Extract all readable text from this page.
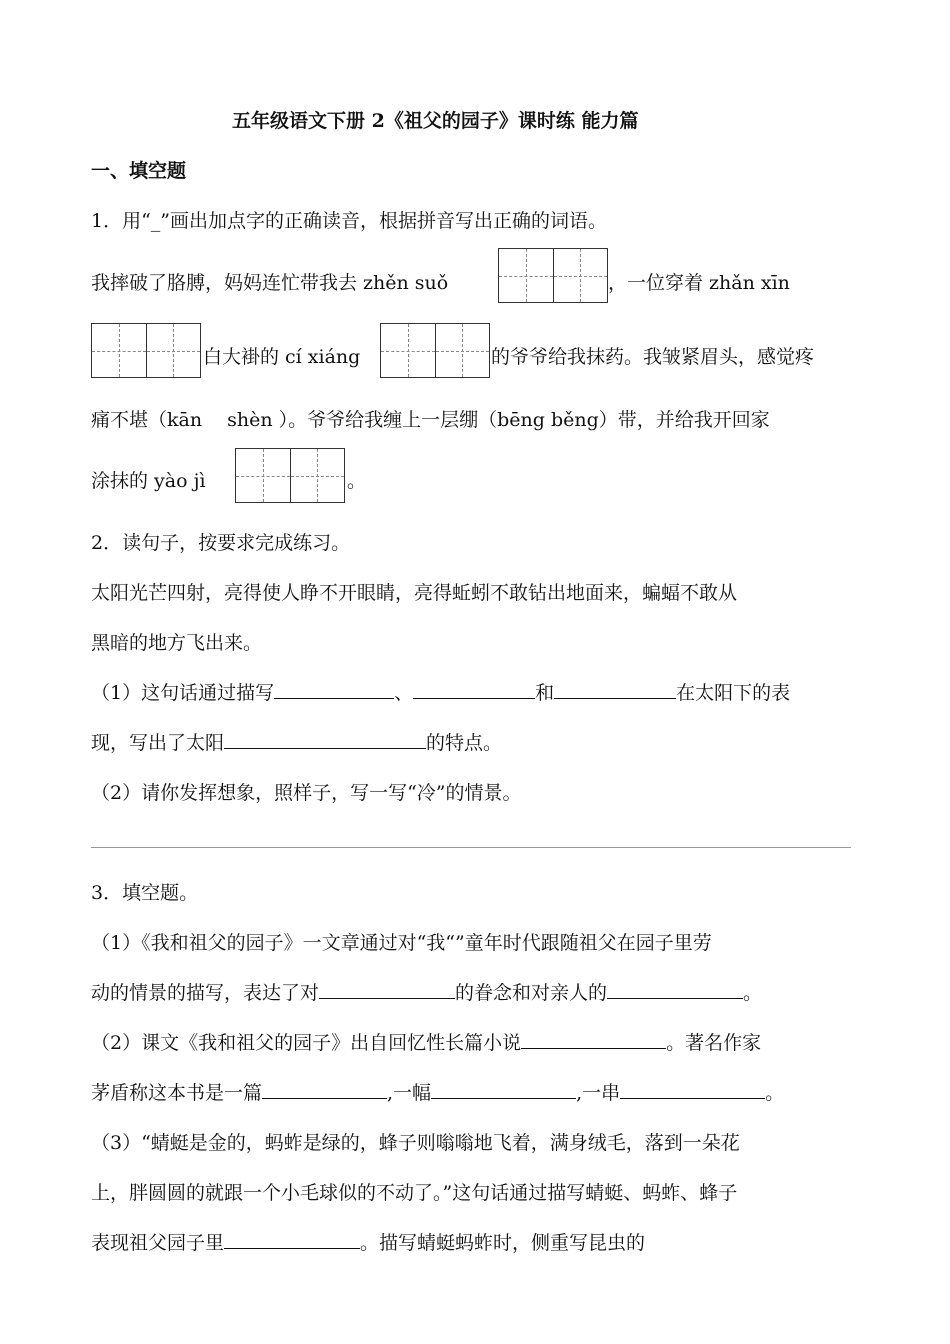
五年级语文下册 2《祖父的园子》课时练 能力篇
一、填空题
1．用“_”画出加点字的正确读音，根据拼音写出正确的词语。
我摔破了胳膊，妈妈连忙带我去 zhěn suǒ	，一位穿着 zhǎn xīn
白大褂的 cí xiáng	的爷爷给我抹药。我皱紧眉头，感觉疼
痛不堪（kān　 shèn ）。爷爷给我缠上一层绷（bēng běng）带，并给我开回家
涂抹的 yào jì	。
2．读句子，按要求完成练习。
太阳光芒四射，亮得使人睁不开眼睛，亮得蚯蚓不敢钻出地面来，蝙蝠不敢从
黑暗的地方飞出来。
（1）这句话通过描写	、	和	在太阳下的表
现，写出了太阳	的特点。
（2）请你发挥想象，照样子，写一写“冷”的情景。
3．填空题。
（1）《我和祖父的园子》一文章通过对“我“”童年时代跟随祖父在园子里劳
动的情景的描写，表达了对	的眷念和对亲人的	。
（2）课文《我和祖父的园子》出自回忆性长篇小说	。著名作家
茅盾称这本书是一篇	,一幅	,一串	。
（3）“蜻蜓是金的，蚂蚱是绿的，蜂子则嗡嗡地飞着，满身绒毛，落到一朵花
上，胖圆圆的就跟一个小毛球似的不动了。”这句话通过描写蜻蜓、蚂蚱、蜂子
表现祖父园子里	。描写蜻蜓蚂蚱时，侧重写昆虫的
